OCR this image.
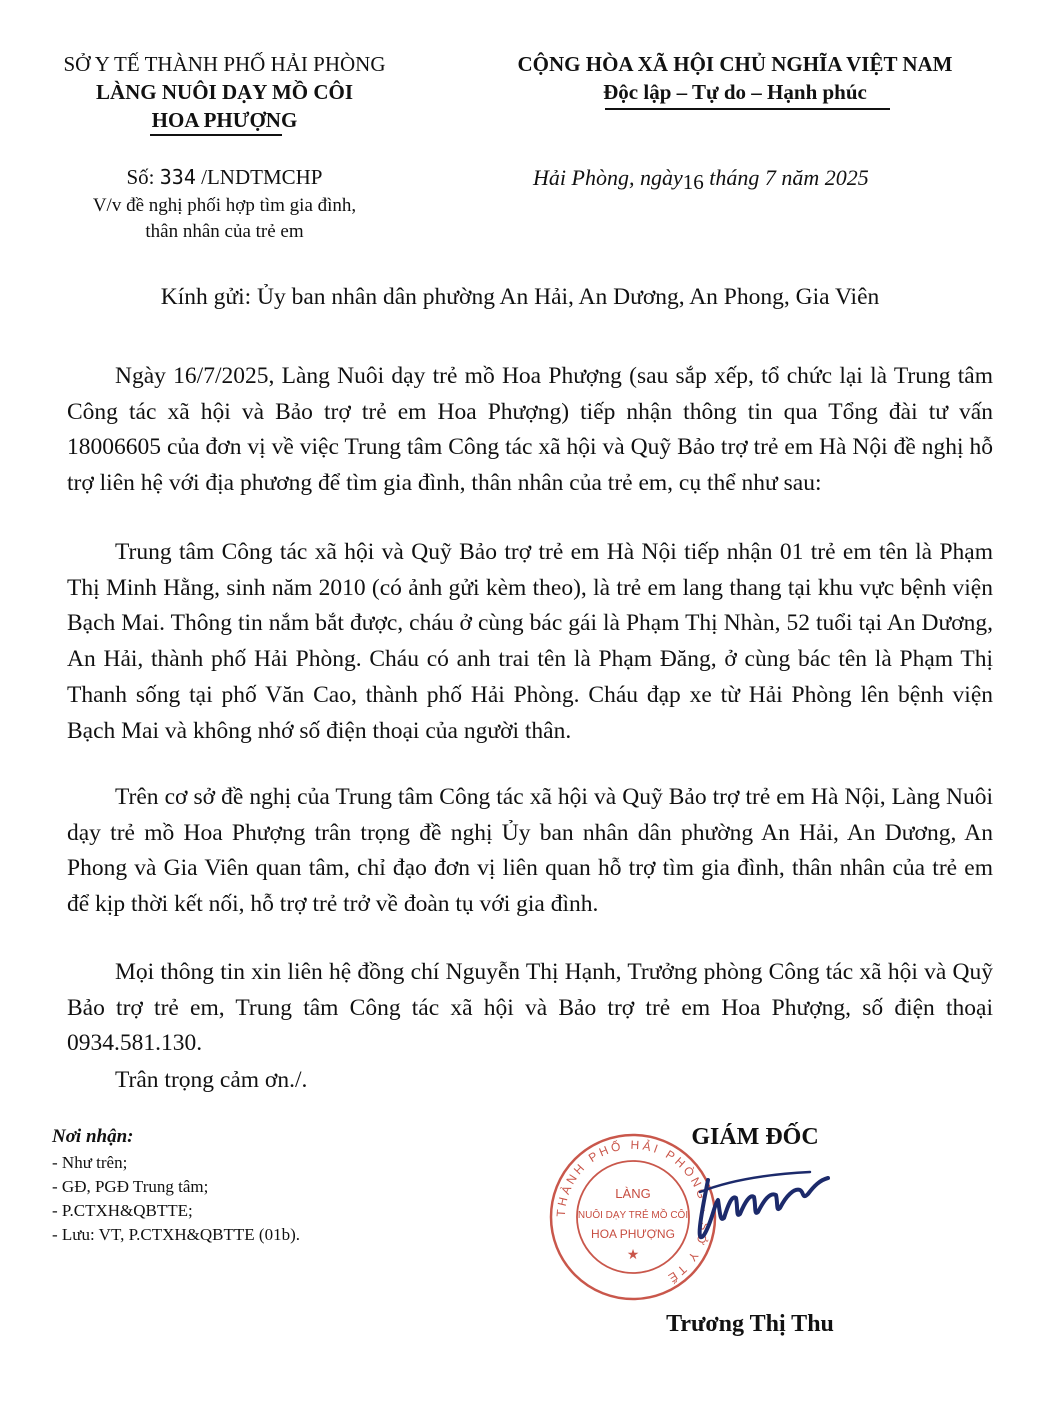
SỞ Y TẾ THÀNH PHỐ HẢI PHÒNG
LÀNG NUÔI DẠY MỒ CÔI
HOA PHƯỢNG
CỘNG HÒA XÃ HỘI CHỦ NGHĨA VIỆT NAM
Độc lập – Tự do – Hạnh phúc
Số: 334 /LNDTMCHP
V/v đề nghị phối hợp tìm gia đình,
thân nhân của trẻ em
Hải Phòng, ngày16 tháng 7 năm 2025
Kính gửi: Ủy ban nhân dân phường An Hải, An Dương, An Phong, Gia Viên

Ngày 16/7/2025, Làng Nuôi dạy trẻ mồ Hoa Phượng (sau sắp xếp, tổ chức lại là Trung tâm Công tác xã hội và Bảo trợ trẻ em Hoa Phượng) tiếp nhận thông tin qua Tổng đài tư vấn 18006605 của đơn vị về việc Trung tâm Công tác xã hội và Quỹ Bảo trợ trẻ em Hà Nội đề nghị hỗ trợ liên hệ với địa phương để tìm gia đình, thân nhân của trẻ em, cụ thể như sau:

Trung tâm Công tác xã hội và Quỹ Bảo trợ trẻ em Hà Nội tiếp nhận 01 trẻ em tên là Phạm Thị Minh Hằng, sinh năm 2010 (có ảnh gửi kèm theo), là trẻ em lang thang tại khu vực bệnh viện Bạch Mai. Thông tin nắm bắt được, cháu ở cùng bác gái là Phạm Thị Nhàn, 52 tuổi tại An Dương, An Hải, thành phố Hải Phòng. Cháu có anh trai tên là Phạm Đăng, ở cùng bác tên là Phạm Thị Thanh sống tại phố Văn Cao, thành phố Hải Phòng. Cháu đạp xe từ Hải Phòng lên bệnh viện Bạch Mai và không nhớ số điện thoại của người thân.

Trên cơ sở đề nghị của Trung tâm Công tác xã hội và Quỹ Bảo trợ trẻ em Hà Nội, Làng Nuôi dạy trẻ mồ Hoa Phượng trân trọng đề nghị Ủy ban nhân dân phường An Hải, An Dương, An Phong và Gia Viên quan tâm, chỉ đạo đơn vị liên quan hỗ trợ tìm gia đình, thân nhân của trẻ em để kịp thời kết nối, hỗ trợ trẻ trở về đoàn tụ với gia đình.

Mọi thông tin xin liên hệ đồng chí Nguyễn Thị Hạnh, Trưởng phòng Công tác xã hội và Quỹ Bảo trợ trẻ em, Trung tâm Công tác xã hội và Bảo trợ trẻ em Hoa Phượng, số điện thoại 0934.581.130.

Trân trọng cảm ơn./.

Nơi nhận:
- Như trên;
- GĐ, PGĐ Trung tâm;
- P.CTXH&QBTTE;
- Lưu: VT, P.CTXH&QBTTE (01b).
GIÁM ĐỐC
THÀNH PHỐ HẢI PHÒNG · SỞ Y TẾ
LÀNG
NUÔI DẠY TRẺ MỒ CÔI
HOA PHƯỢNG
★
Trương Thị Thu
